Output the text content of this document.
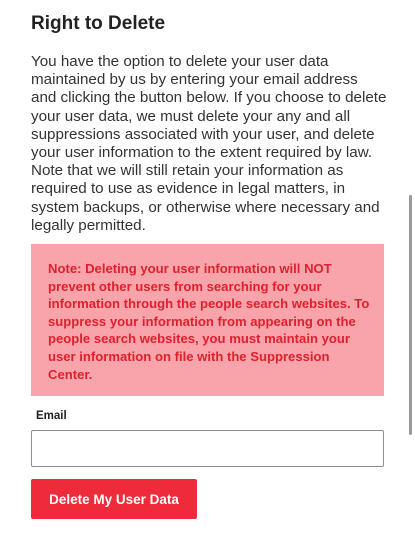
Right to Delete

You have the option to delete your user data maintained by us by entering your email address and clicking the button below. If you choose to delete your user data, we must delete your any and all suppressions associated with your user, and delete your user information to the extent required by law. Note that we will still retain your information as required to use as evidence in legal matters, in system backups, or otherwise where necessary and legally permitted.

Note: Deleting your user information will NOT prevent other users from searching for your information through the people search websites. To suppress your information from appearing on the people search websites, you must maintain your user information on file with the Suppression Center.

Email
Delete My User Data
